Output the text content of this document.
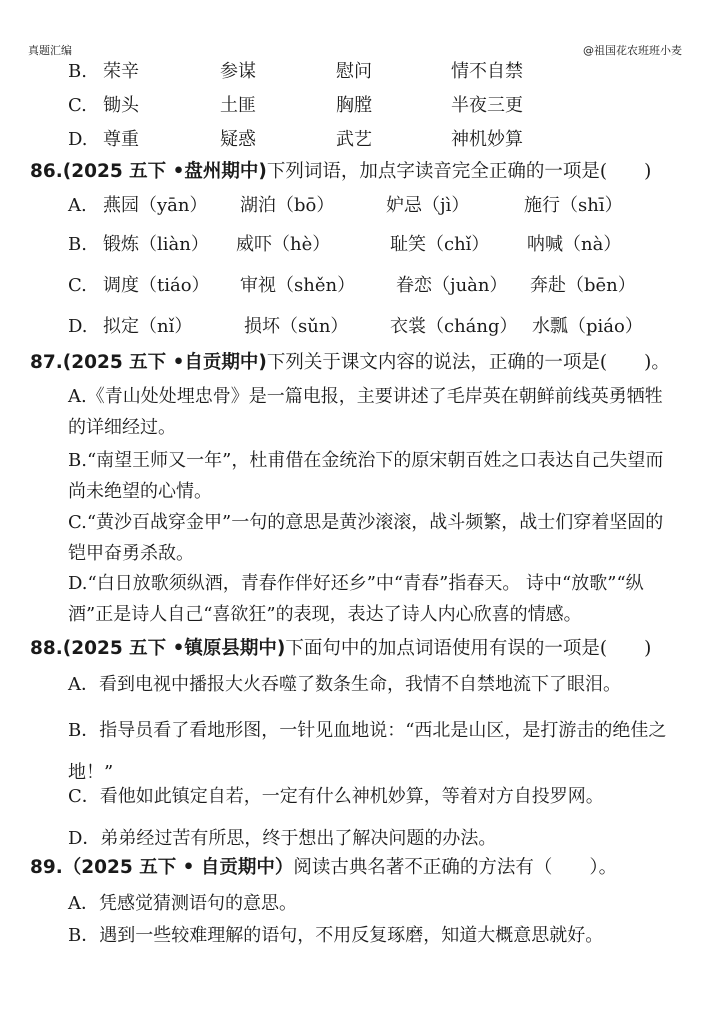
真题汇编	@祖国花农班班小麦
B. 荣辛	参谋	慰问	情不自禁
C. 锄头	土匪	胸膛	半夜三更
D. 尊重	疑惑	武艺	神机妙算
86.(2025 五下 •盘州期中)下列词语，加点字读音完全正确的一项是(　　)
A. 燕园（yān） 湖泊（bō）	妒忌（jì）	施行（shī）
B. 锻炼（liàn） 威吓（hè）	耻笑（chǐ） 呐喊（nà）
C. 调度（tiáo） 审视（shěn） 眷恋（juàn） 奔赴（bēn）
D. 拟定（nǐ）	损坏（sǔn） 衣裳（cháng） 水瓢（piáo）
87.(2025 五下 •自贡期中)下列关于课文内容的说法，正确的一项是(　　)。
A.《青山处处埋忠骨》是一篇电报，主要讲述了毛岸英在朝鲜前线英勇牺牲的详细经过。
B.“南望王师又一年”，杜甫借在金统治下的原宋朝百姓之口表达自己失望而尚未绝望的心情。
C.“黄沙百战穿金甲”一句的意思是黄沙滚滚，战斗频繁，战士们穿着坚固的铠甲奋勇杀敌。
D.“白日放歌须纵酒，青春作伴好还乡”中“青春”指春天。 诗中“放歌”“纵酒”正是诗人自己“喜欲狂”的表现，表达了诗人内心欣喜的情感。
88.(2025 五下 •镇原县期中)下面句中的加点词语使用有误的一项是(　　)
A．看到电视中播报大火吞噬了数条生命，我情不自禁地流下了眼泪。
B．指导员看了看地形图，一针见血地说：“西北是山区，是打游击的绝佳之地！”
C．看他如此镇定自若，一定有什么神机妙算，等着对方自投罗网。
D．弟弟经过苦有所思，终于想出了解决问题的办法。
89.（2025 五下 • 自贡期中）阅读古典名著不正确的方法有（　　）。
A．凭感觉猜测语句的意思。
B．遇到一些较难理解的语句，不用反复琢磨，知道大概意思就好。
